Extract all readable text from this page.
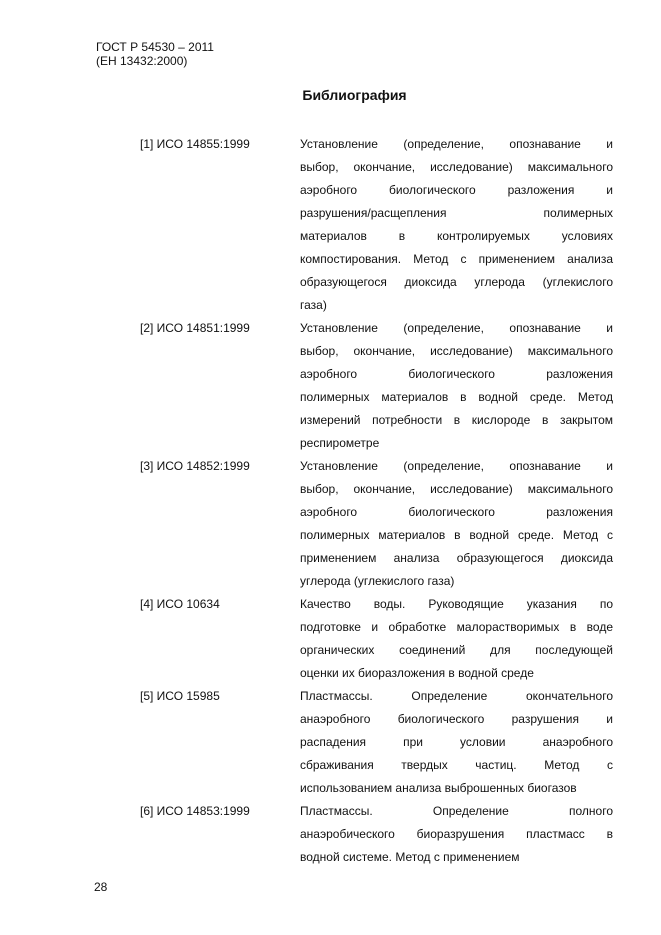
ГОСТ Р 54530 – 2011
(ЕН 13432:2000)
Библиография
[1] ИСО 14855:1999	Установление (определение, опознавание и
выбор, окончание, исследование) максимального
аэробного биологического разложения и
разрушения/расщепления полимерных
материалов в контролируемых условиях
компостирования. Метод с применением анализа
образующегося диоксида углерода (углекислого
газа)
[2] ИСО 14851:1999	Установление (определение, опознавание и
выбор, окончание, исследование) максимального
аэробного биологического разложения
полимерных материалов в водной среде. Метод
измерений потребности в кислороде в закрытом
респирометре
[3] ИСО 14852:1999	Установление (определение, опознавание и
выбор, окончание, исследование) максимального
аэробного биологического разложения
полимерных материалов в водной среде. Метод с
применением анализа образующегося диоксида
углерода (углекислого газа)
[4] ИСО 10634	Качество воды. Руководящие указания по
подготовке и обработке малорастворимых в воде
органических соединений для последующей
оценки их биоразложения в водной среде
[5] ИСО 15985	Пластмассы. Определение окончательного
анаэробного биологического разрушения и
распадения при условии анаэробного
сбраживания твердых частиц. Метод с
использованием анализа выброшенных биогазов
[6] ИСО 14853:1999	Пластмассы. Определение полного
анаэробического биоразрушения пластмасс в
водной системе. Метод с применением
28
